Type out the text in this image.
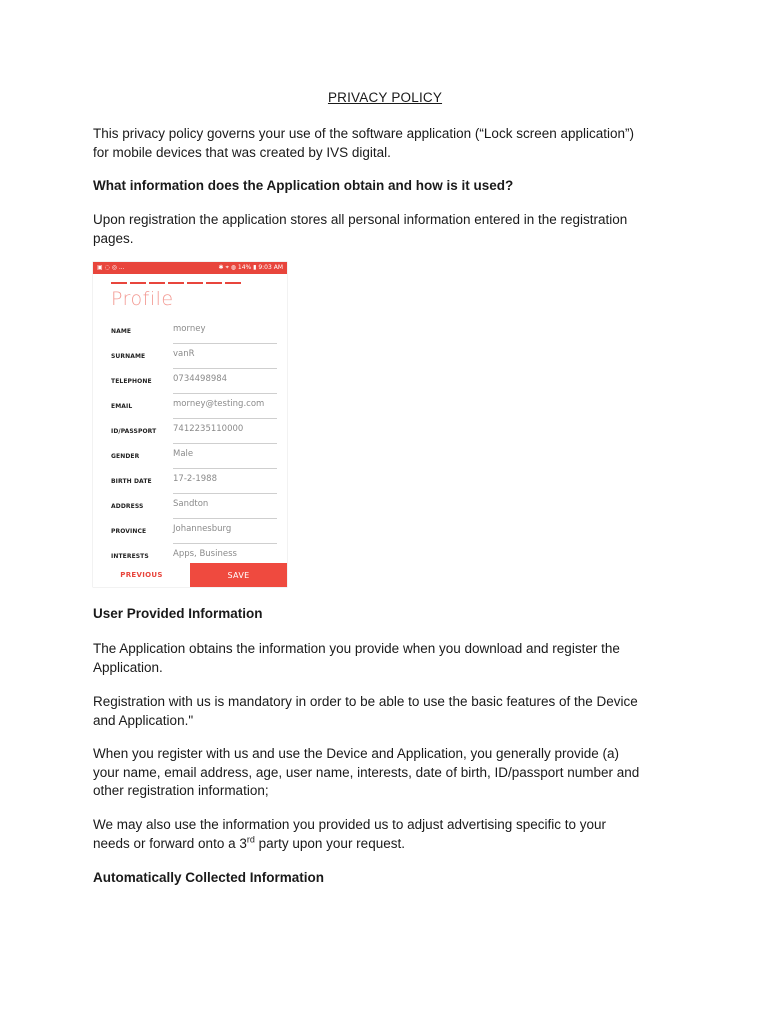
PRIVACY POLICY

This privacy policy governs your use of the software application (“Lock screen application”)
for mobile devices that was created by IVS digital.

What information does the Application obtain and how is it used?

Upon registration the application stores all personal information entered in the registration
pages.

▣ ◌ ◎ ...	✱ ⌖ ◍ 14% ▮ 9:03 AM
Profile
NAME	morney
SURNAME	vanR
TELEPHONE	0734498984
EMAIL	morney@testing.com
ID/PASSPORT 7412235110000
GENDER	Male
BIRTH DATE	17-2-1988
ADDRESS	Sandton
PROVINCE	Johannesburg
INTERESTS	Apps, Business
PREVIOUS	SAVE

User Provided Information

The Application obtains the information you provide when you download and register the
Application.

Registration with us is mandatory in order to be able to use the basic features of the Device
and Application."

When you register with us and use the Device and Application, you generally provide (a)
your name, email address, age, user name, interests, date of birth, ID/passport number and
other registration information;

We may also use the information you provided us to adjust advertising specific to your
needs or forward onto a 3rd party upon your request.

Automatically Collected Information
